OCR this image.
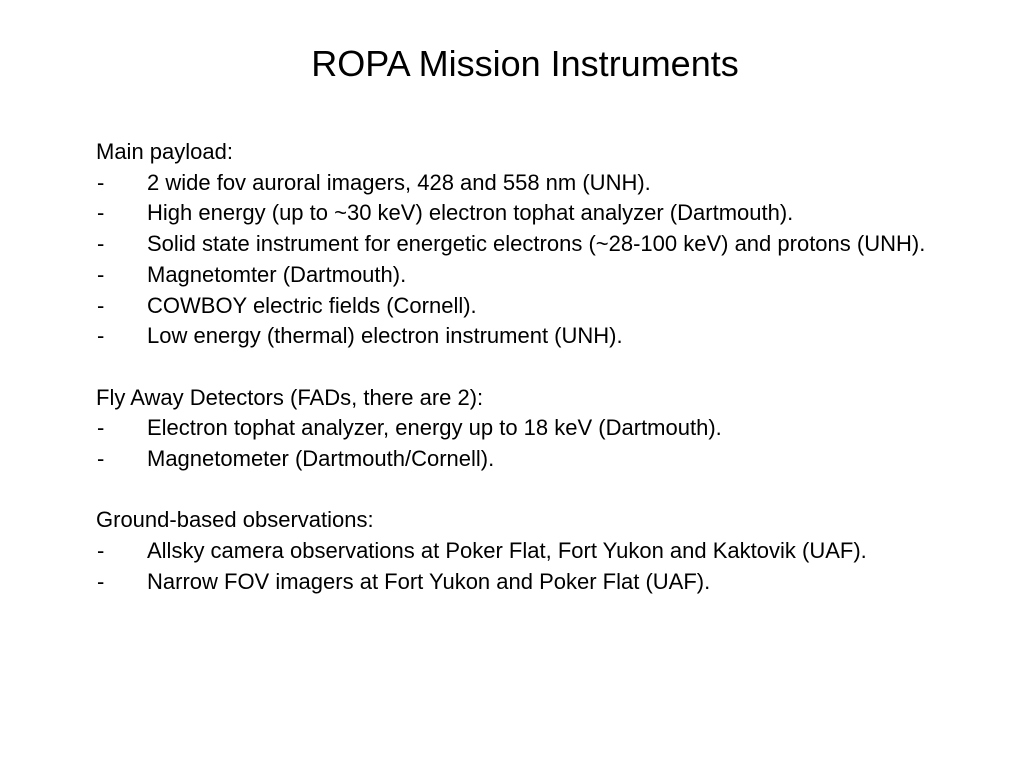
ROPA Mission Instruments

Main payload:

- 2 wide fov auroral imagers, 428 and 558 nm (UNH).
- High energy (up to ~30 keV) electron tophat analyzer (Dartmouth).
- Solid state instrument for energetic electrons (~28-100 keV) and protons (UNH).
- Magnetomter (Dartmouth).
- COWBOY electric fields (Cornell).
- Low energy (thermal) electron instrument (UNH).

Fly Away Detectors (FADs, there are 2):

- Electron tophat analyzer, energy up to 18 keV (Dartmouth).
- Magnetometer (Dartmouth/Cornell).

Ground-based observations:

- Allsky camera observations at Poker Flat, Fort Yukon and Kaktovik (UAF).
- Narrow FOV imagers at Fort Yukon and Poker Flat (UAF).
